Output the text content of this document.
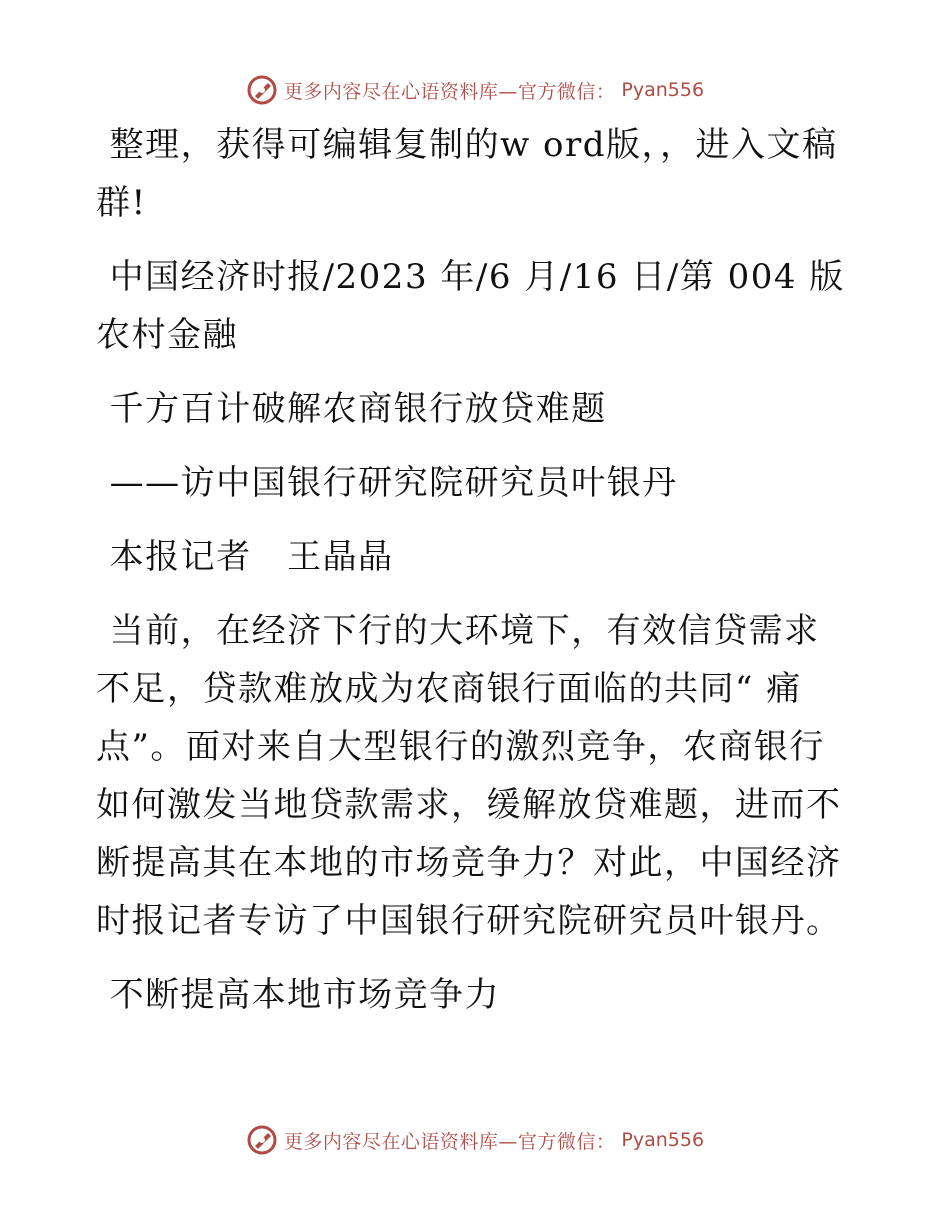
更多内容尽在心语资料库—官方微信： Pyan556

整理，获得可编辑复制的w ord版，，进入文稿群!

中国经济时报/2023 年/6 月/16 日/第 004 版农村金融

千方百计破解农商银行放贷难题

——访中国银行研究院研究员叶银丹

本报记者　王晶晶

当前，在经济下行的大环境下，有效信贷需求不足，贷款难放成为农商银行面临的共同“ 痛点”。面对来自大型银行的激烈竞争，农商银行如何激发当地贷款需求，缓解放贷难题，进而不断提高其在本地的市场竞争力？对此，中国经济时报记者专访了中国银行研究院研究员叶银丹。

不断提高本地市场竞争力

更多内容尽在心语资料库—官方微信： Pyan556
